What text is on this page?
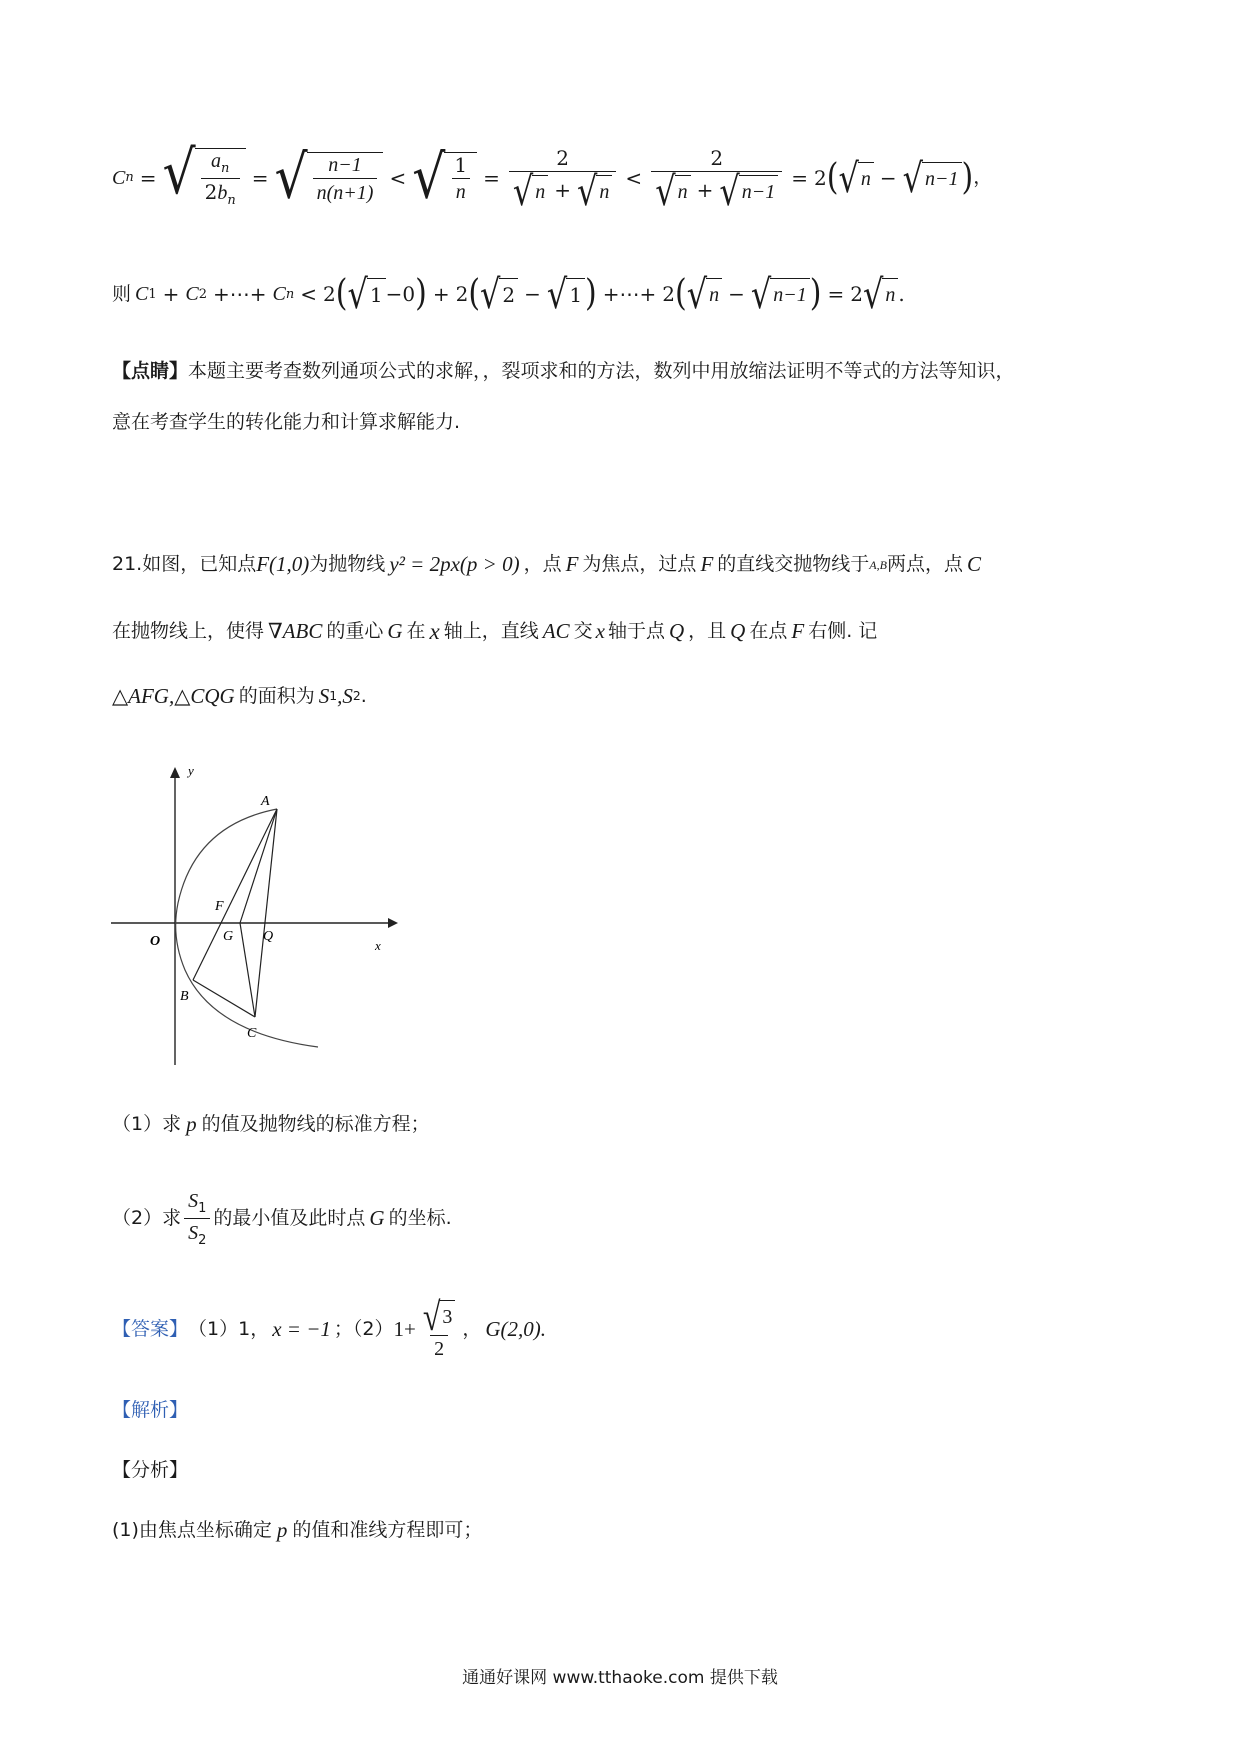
C n = √ $\frac{a_n}{2b_n}$ = √ $\frac{n-1}{n(n+1)}$ < √ $\frac{1}{n} = \frac{2}{√ n + √ n} < \frac{2}{√ n + √ n-1} = 2$ ( √ n − √ n−1 ) ，
则 C 1 + C 2 +⋯+ C n < 2 ( √ 1 −0 ) + 2 ( √ 2 − √ 1 ) +⋯+ 2 ( √ n − √ n−1 ) = 2 √ n .
【点睛】本题主要考查数列通项公式的求解，，裂项求和的方法，数列中用放缩法证明不等式的方法等知识，
意在考查学生的转化能力和计算求解能力.
21.如图，已知点 F(1,0) 为抛物线 y² = 2px(p > 0) ，点 F 为焦点，过点 F 的直线交抛物线于 A,B 两点，点 C
在抛物线上，使得 ∇ABC 的重心 G 在 x 轴上，直线 AC 交 x 轴于点 Q ，且 Q 在点 F 右侧. 记
△AFG,△CQG 的面积为 S 1 ,S 2 .
y
x
O
A
F
G Q
B
C
（1）求 p 的值及抛物线的标准方程；
（2）求 $\frac{S_1}{S_2}$ 的最小值及此时点 G 的坐标.
【答案】 （1）1， x = −1 ；（2） $1+ \frac{√ 3}{2}$ ， G(2,0).
【解析】
【分析】
(1)由焦点坐标确定 p 的值和准线方程即可；
通通好课网 www.tthaoke.com 提供下载
